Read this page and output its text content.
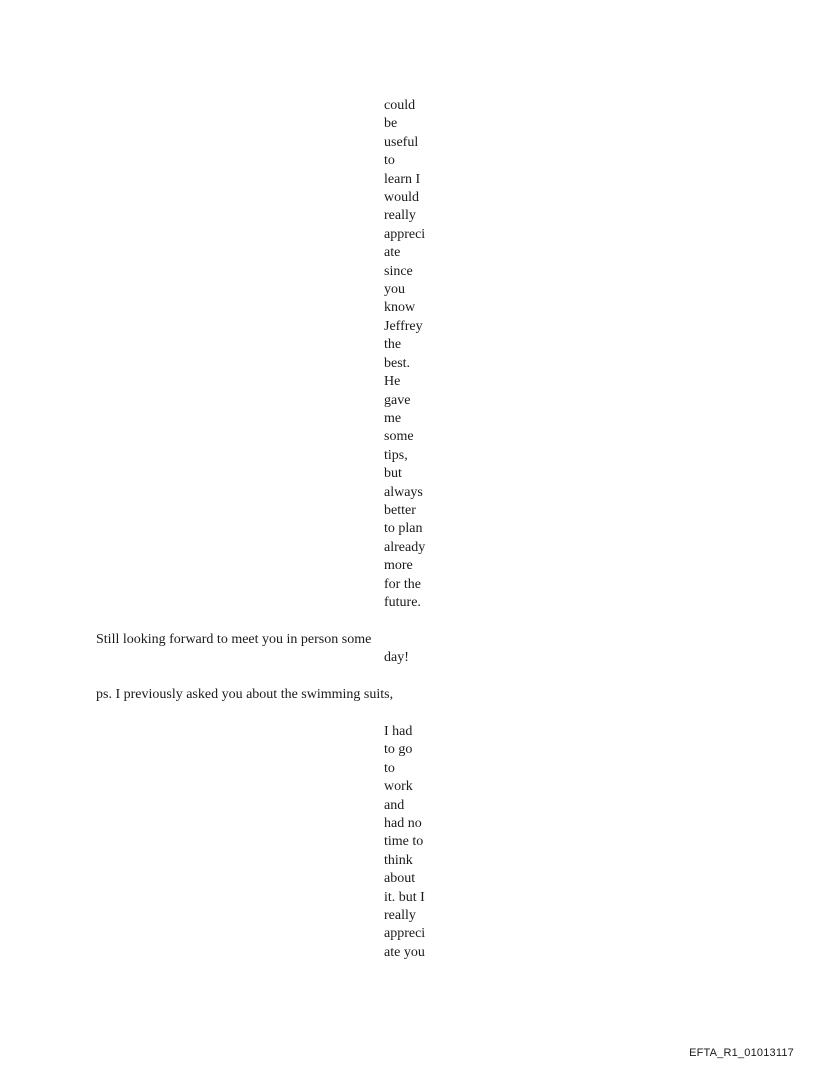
could
be
useful
to
learn I
would
really
appreci
ate
since
you
know
Jeffrey
the
best.
He
gave
me
some
tips,
but
always
better
to plan
already
more
for the
future.
Still looking forward to meet you in person some
day!
ps. I previously asked you about the swimming suits,
I had
to go
to
work
and
had no
time to
think
about
it. but I
really
appreci
ate you
EFTA_R1_01013117
